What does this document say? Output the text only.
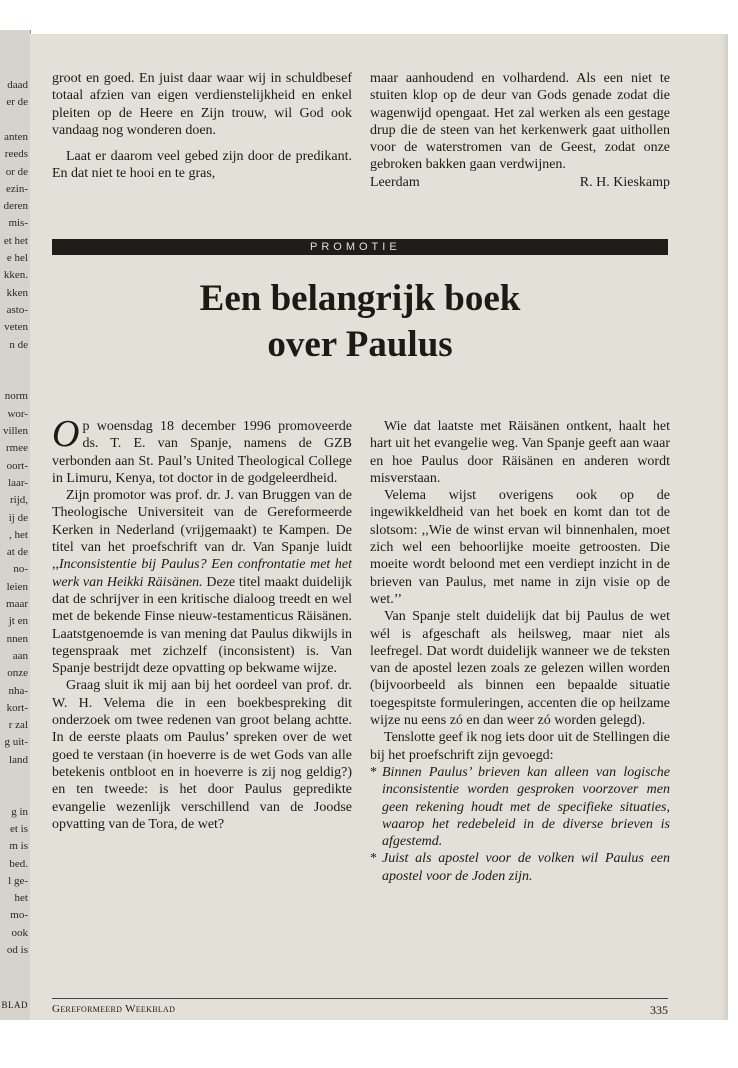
BLAD
daad
er de
anten
reeds
or de
ezin-
deren
mis-
et het
e hel
kken.
kken
asto-
veten
n de
norm
wor-
villen
rmee
oort-
laar-
rijd,
ij de
, het
at de
no-
leien
maar
jt en
nnen
aan
onze
nha-
kort-
r zal
g uit-
land
g in
et is
m is
bed.
l ge-
het
mo-
ook
od is

groot en goed. En juist daar waar wij in schuldbesef totaal afzien van eigen verdienstelijkheid en enkel pleiten op de Heere en Zijn trouw, wil God ook vandaag nog wonderen doen.

Laat er daarom veel gebed zijn door de predikant. En dat niet te hooi en te gras,

maar aanhoudend en volhardend. Als een niet te stuiten klop op de deur van Gods genade zodat die wagenwijd opengaat. Het zal werken als een gestage drup die de steen van het kerkenwerk gaat uithollen voor de waterstromen van de Geest, zodat onze gebroken bakken gaan verdwijnen.

Leerdam	R. H. Kieskamp
PROMOTIE
Een belangrijk boek
over Paulus

Op woensdag 18 december 1996 promoveerde ds. T. E. van Spanje, namens de GZB verbonden aan St. Paul’s United Theological College in Limuru, Kenya, tot doctor in de godgeleerdheid.

Zijn promotor was prof. dr. J. van Bruggen van de Theologische Universiteit van de Gereformeerde Kerken in Nederland (vrijgemaakt) te Kampen. De titel van het proefschrift van dr. Van Spanje luidt ,,Inconsistentie bij Paulus? Een confrontatie met het werk van Heikki Räisänen. Deze titel maakt duidelijk dat de schrijver in een kritische dialoog treedt en wel met de bekende Finse nieuw-testamenticus Räisänen. Laatstgenoemde is van mening dat Paulus dikwijls in tegenspraak met zichzelf (inconsistent) is. Van Spanje bestrijdt deze opvatting op bekwame wijze.

Graag sluit ik mij aan bij het oordeel van prof. dr. W. H. Velema die in een boekbespreking dit onderzoek om twee redenen van groot belang achtte. In de eerste plaats om Paulus’ spreken over de wet goed te verstaan (in hoeverre is de wet Gods van alle betekenis ontbloot en in hoeverre is zij nog geldig?) en ten tweede: is het door Paulus gepredikte evangelie wezenlijk verschillend van de Joodse opvatting van de Tora, de wet?

Wie dat laatste met Räisänen ontkent, haalt het hart uit het evangelie weg. Van Spanje geeft aan waar en hoe Paulus door Räisänen en anderen wordt misverstaan.

Velema wijst overigens ook op de ingewikkeldheid van het boek en komt dan tot de slotsom: ,,Wie de winst ervan wil binnenhalen, moet zich wel een behoorlijke moeite getroosten. Die moeite wordt beloond met een verdiept inzicht in de brieven van Paulus, met name in zijn visie op de wet.’’

Van Spanje stelt duidelijk dat bij Paulus de wet wél is afgeschaft als heilsweg, maar niet als leefregel. Dat wordt duidelijk wanneer we de teksten van de apostel lezen zoals ze gelezen willen worden (bijvoorbeeld als binnen een bepaalde situatie toegespitste formuleringen, accenten die op heilzame wijze nu eens zó en dan weer zó worden gelegd).

Tenslotte geef ik nog iets door uit de Stellingen die bij het proefschrift zijn gevoegd:

* Binnen Paulus’ brieven kan alleen van logische inconsistentie worden gesproken voorzover men geen rekening houdt met de specifieke situaties, waarop het redebeleid in de diverse brieven is afgestemd.

* Juist als apostel voor de volken wil Paulus een apostel voor de Joden zijn.

Gereformeerd Weekblad	335
